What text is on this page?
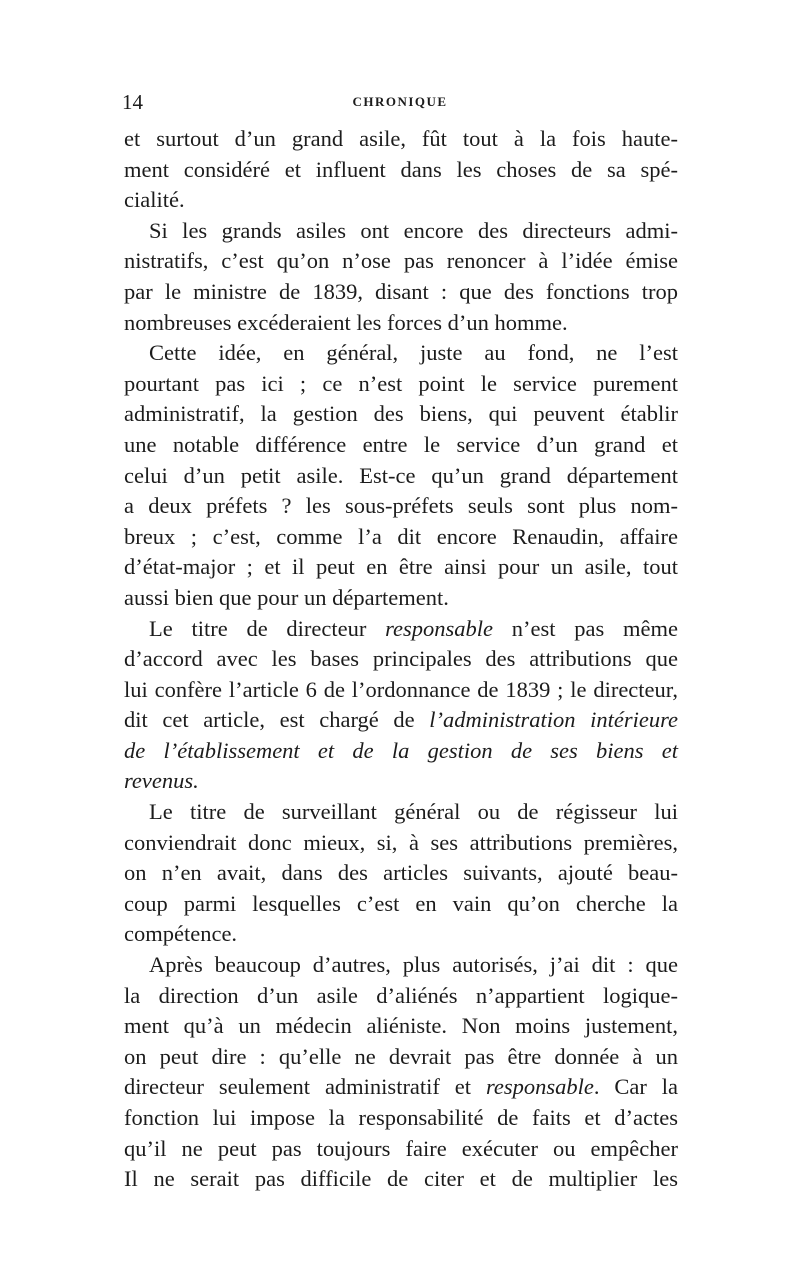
14	CHRONIQUE
et surtout d’un grand asile, fût tout à la fois haute-
ment considéré et influent dans les choses de sa spé-
cialité.
Si les grands asiles ont encore des directeurs admi-
nistratifs, c’est qu’on n’ose pas renoncer à l’idée émise
par le ministre de 1839, disant : que des fonctions trop
nombreuses excéderaient les forces d’un homme.
Cette idée, en général, juste au fond, ne l’est
pourtant pas ici ; ce n’est point le service purement
administratif, la gestion des biens, qui peuvent établir
une notable différence entre le service d’un grand et
celui d’un petit asile. Est-ce qu’un grand département
a deux préfets ? les sous-préfets seuls sont plus nom-
breux ; c’est, comme l’a dit encore Renaudin, affaire
d’état-major ; et il peut en être ainsi pour un asile, tout
aussi bien que pour un département.
Le titre de directeur responsable n’est pas même
d’accord avec les bases principales des attributions que
lui confère l’article 6 de l’ordonnance de 1839 ; le directeur,
dit cet article, est chargé de l’administration intérieure
de l’établissement et de la gestion de ses biens et
revenus.
Le titre de surveillant général ou de régisseur lui
conviendrait donc mieux, si, à ses attributions premières,
on n’en avait, dans des articles suivants, ajouté beau-
coup parmi lesquelles c’est en vain qu’on cherche la
compétence.
Après beaucoup d’autres, plus autorisés, j’ai dit : que
la direction d’un asile d’aliénés n’appartient logique-
ment qu’à un médecin aliéniste. Non moins justement,
on peut dire : qu’elle ne devrait pas être donnée à un
directeur seulement administratif et responsable. Car la
fonction lui impose la responsabilité de faits et d’actes
qu’il ne peut pas toujours faire exécuter ou empêcher
Il ne serait pas difficile de citer et de multiplier les
